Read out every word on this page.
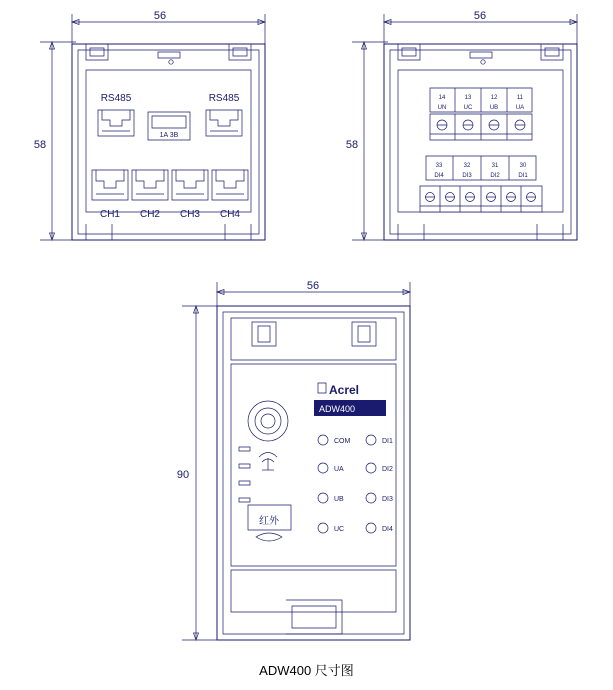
56
58
RS485	RS485
1A 3B
CH1 CH2 CH3 CH4
56
58
14	13	12	11
UN	UC	UB	UA
33	32	31	30
DI4	DI3	DI2	DI1
56
90
Acrel
ADW400
红外
COM	DI1
UA	DI2
UB	DI3
UC	DI4
ADW400 尺寸图
